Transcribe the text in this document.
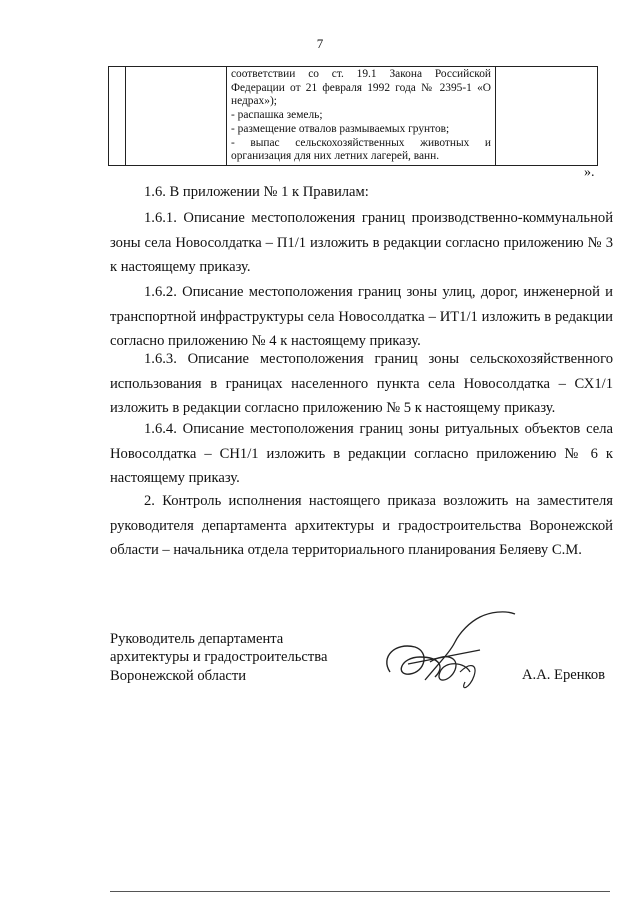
7

соответствии со ст. 19.1 Закона Российской Федерации от 21 февраля 1992 года № 2395-1 «О недрах»);
- распашка земель;
- размещение отвалов размываемых грунтов;
- выпас сельскохозяйственных животных и организация для них летних лагерей, ванн.

».

1.6. В приложении № 1 к Правилам:

1.6.1. Описание местоположения границ производственно-коммунальной зоны села Новосолдатка – П1/1 изложить в редакции согласно приложению № 3 к настоящему приказу.

1.6.2. Описание местоположения границ зоны улиц, дорог, инженерной и транспортной инфраструктуры села Новосолдатка – ИТ1/1 изложить в редакции согласно приложению № 4 к настоящему приказу.

1.6.3. Описание местоположения границ зоны сельскохозяйственного использования в границах населенного пункта села Новосолдатка – СХ1/1 изложить в редакции согласно приложению № 5 к настоящему приказу.

1.6.4. Описание местоположения границ зоны ритуальных объектов села Новосолдатка – СН1/1 изложить в редакции согласно приложению № 6 к настоящему приказу.

2. Контроль исполнения настоящего приказа возложить на заместителя руководителя департамента архитектуры и градостроительства Воронежской области – начальника отдела территориального планирования Беляеву С.М.

Руководитель департамента
архитектуры и градостроительства
Воронежской области	А.А. Еренков
